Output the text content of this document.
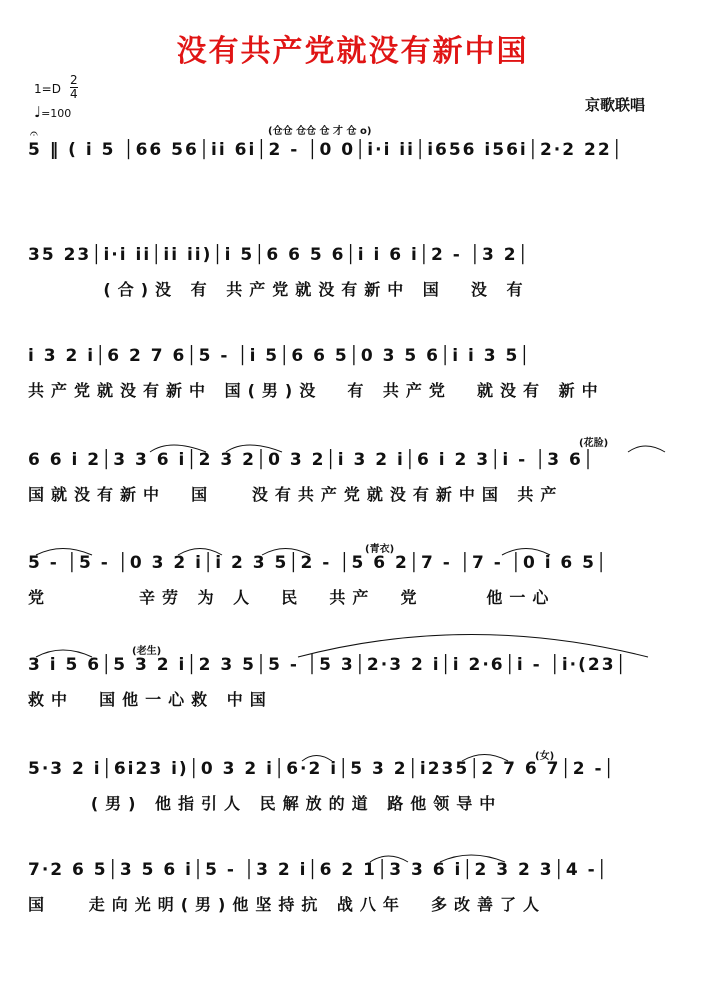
没有共产党就没有新中国
京歌联唱
1=D
2
4
♩=100
𝄐	(仓仓 仓仓 仓 才 仓 o)
(花脸)
(青衣)
(老生)
(女)
5 ‖ ( i 5 │66 56│ii 6i│2 - │0 0│i·i ii│i656 i56i│2·2 22│
35 23│i·i ii│ii ii)│i 5│6 6 5 6│i i 6 i│2 - │3 2│
(合)没 有 共产党就没有新中 国  没 有
i 3 2 i│6 2 7 6│5 - │i 5│6 6 5│0 3 5 6│i i 3 5│
共产党就没有新中 国(男)没  有 共产党  就没有 新中
6 6 i 2│3 3 6 i│2 3 2│0 3 2│i 3 2 i│6 i 2 3│i - │3 6│
国就没有新中  国   没有共产党就没有新中国 共产
5 - │5 - │0 3 2 i│i 2 3 5│2 - │5 6 2│7 - │7 - │0 i 6 5│
党       辛劳 为 人  民  共产  党     他一心
3 i 5 6│5 3 2 i│2 3 5│5 - │5 3│2·3 2 i│i 2·6│i - │i·(23│
救中  国他一心救 中国
5·3 2 i│6i23 i)│0 3 2 i│6·2 i│5 3 2│i235│2 7 6 7│2 -│
(男) 他指引人 民解放的道 路他领导中
7·2 6 5│3 5 6 i│5 - │3 2 i│6 2 1│3 3 6 i│2 3 2 3│4 -│
国   走向光明(男)他坚持抗 战八年  多改善了人
